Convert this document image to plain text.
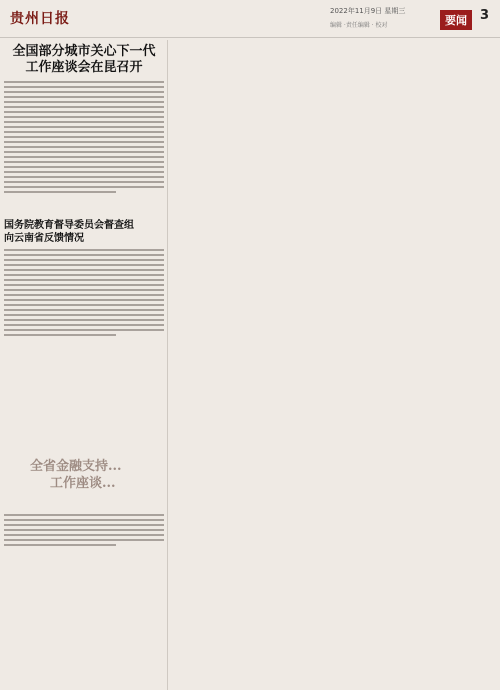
贵州日报	2022年11月9日 星期三
编辑 ·责任编辑 · 校对	要闻	3
全国部分城市关心下一代
工作座谈会在昆召开
国务院教育督导委员会督查组
向云南省反馈情况
全省金融支持...
工作座谈...
